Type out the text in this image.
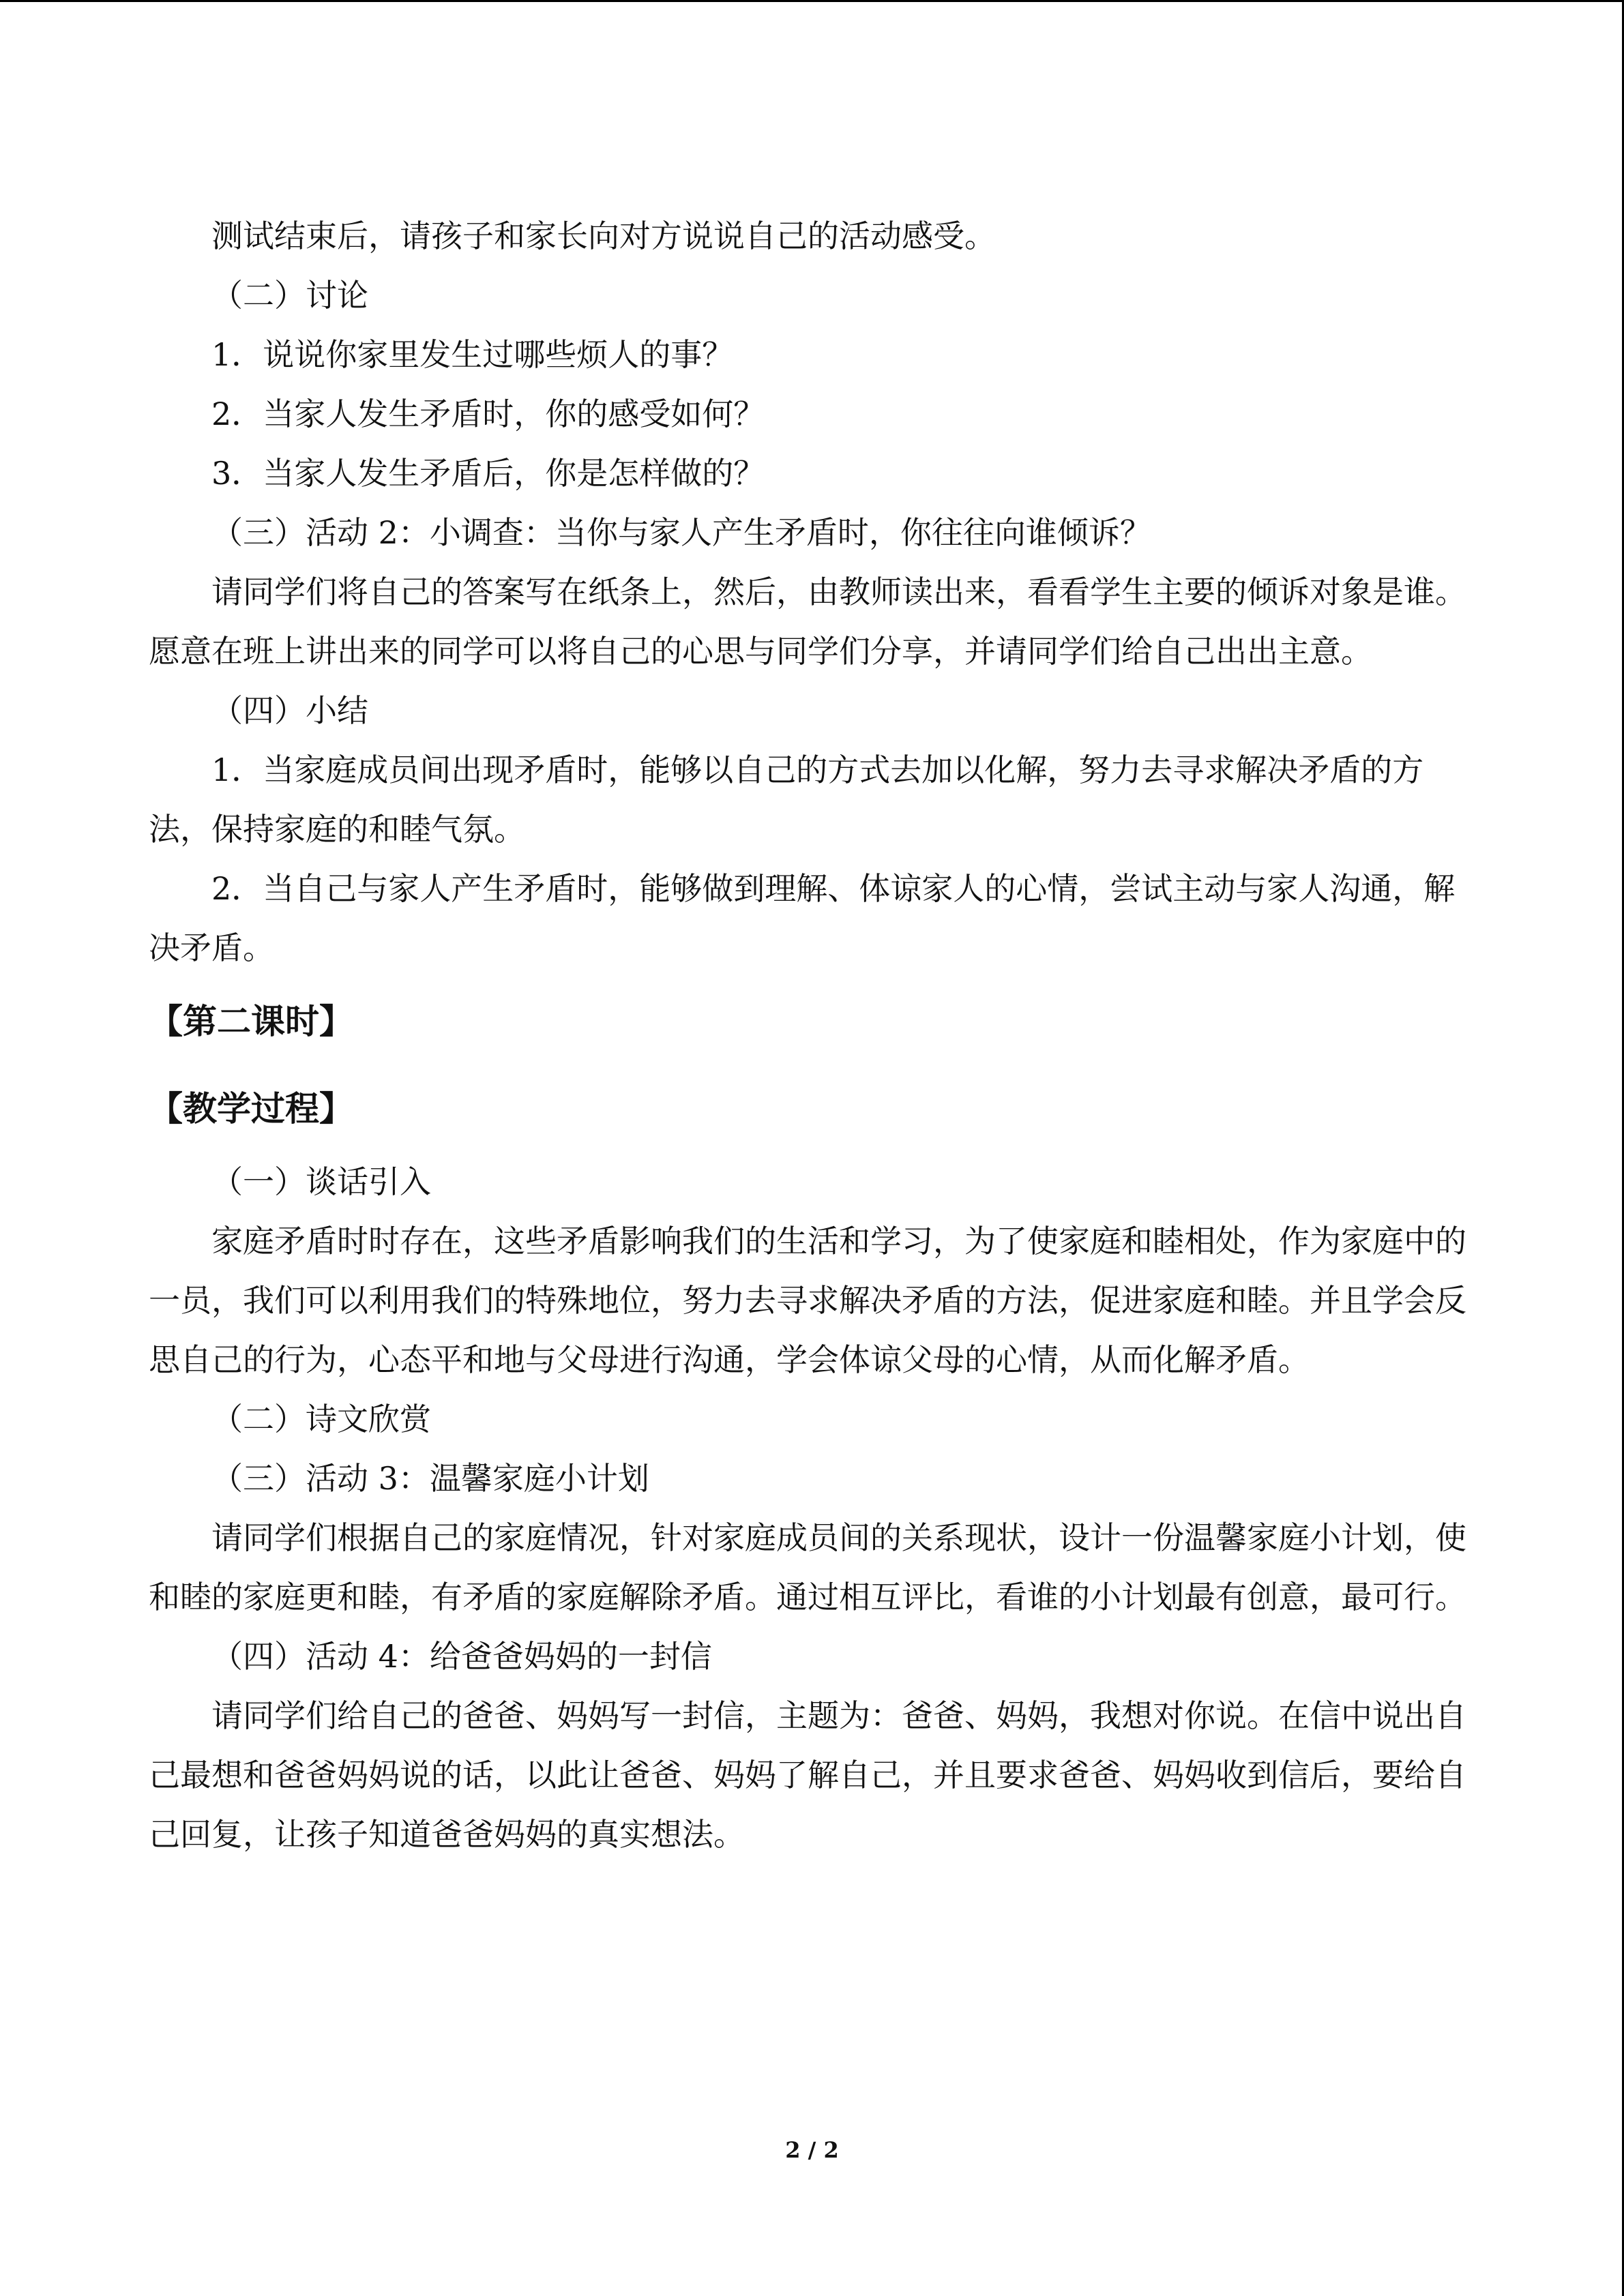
测试结束后，请孩子和家长向对方说说自己的活动感受。

（二）讨论

1．说说你家里发生过哪些烦人的事？

2．当家人发生矛盾时，你的感受如何？

3．当家人发生矛盾后，你是怎样做的？

（三）活动 2：小调查：当你与家人产生矛盾时，你往往向谁倾诉？

请同学们将自己的答案写在纸条上，然后，由教师读出来，看看学生主要的倾诉对象是谁。愿意在班上讲出来的同学可以将自己的心思与同学们分享，并请同学们给自己出出主意。

（四）小结

1．当家庭成员间出现矛盾时，能够以自己的方式去加以化解，努力去寻求解决矛盾的方法，保持家庭的和睦气氛。

2．当自己与家人产生矛盾时，能够做到理解、体谅家人的心情，尝试主动与家人沟通，解决矛盾。

【第二课时】

【教学过程】

（一）谈话引入

家庭矛盾时时存在，这些矛盾影响我们的生活和学习，为了使家庭和睦相处，作为家庭中的一员，我们可以利用我们的特殊地位，努力去寻求解决矛盾的方法，促进家庭和睦。并且学会反思自己的行为，心态平和地与父母进行沟通，学会体谅父母的心情，从而化解矛盾。

（二）诗文欣赏

（三）活动 3：温馨家庭小计划

请同学们根据自己的家庭情况，针对家庭成员间的关系现状，设计一份温馨家庭小计划，使和睦的家庭更和睦，有矛盾的家庭解除矛盾。通过相互评比，看谁的小计划最有创意，最可行。

（四）活动 4：给爸爸妈妈的一封信

请同学们给自己的爸爸、妈妈写一封信，主题为：爸爸、妈妈，我想对你说。在信中说出自己最想和爸爸妈妈说的话，以此让爸爸、妈妈了解自己，并且要求爸爸、妈妈收到信后，要给自己回复，让孩子知道爸爸妈妈的真实想法。

2 / 2
